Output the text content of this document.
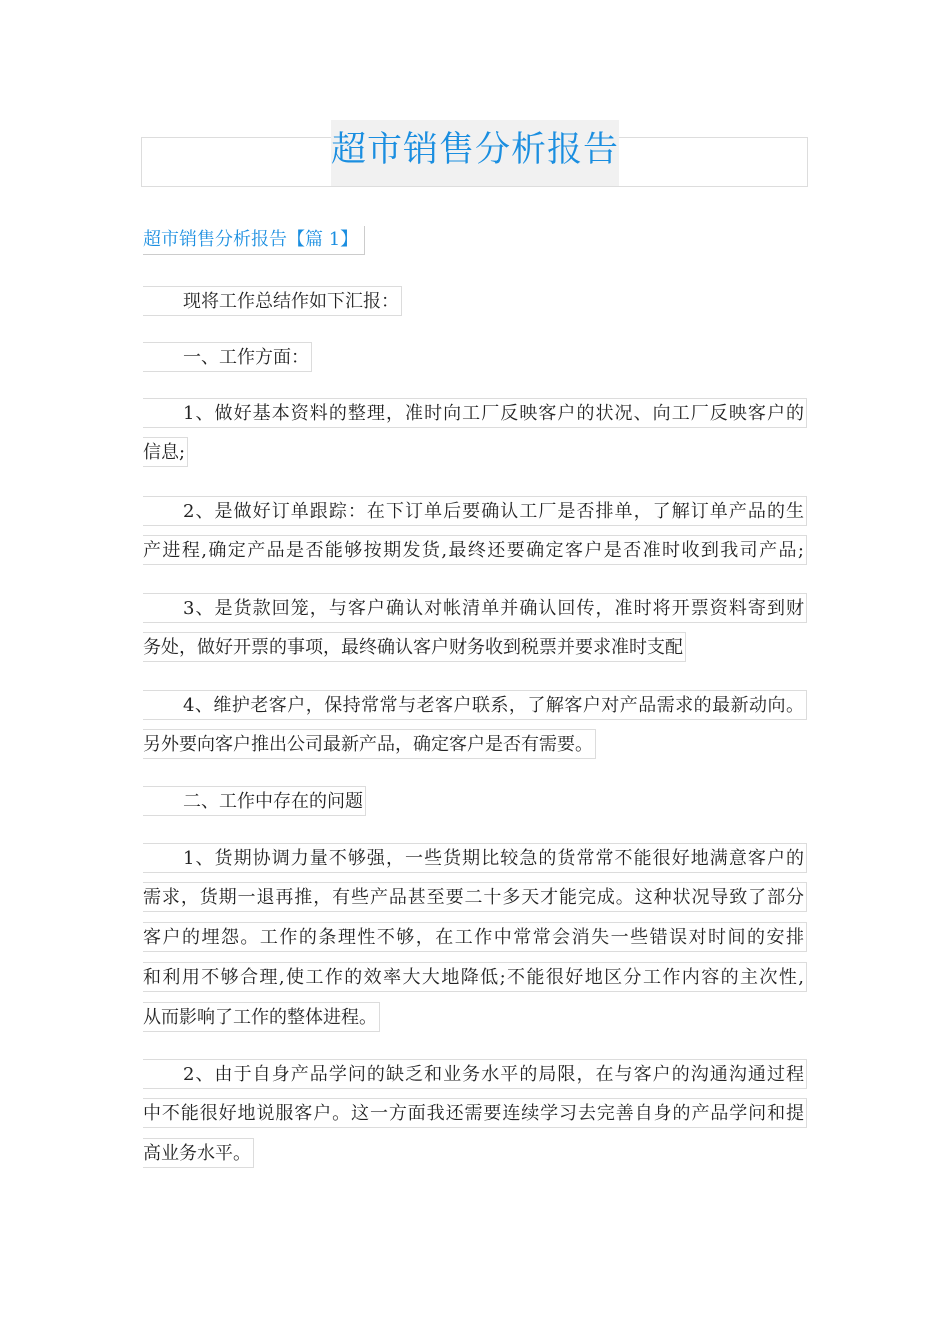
超市销售分析报告
超市销售分析报告【篇 1】
现将工作总结作如下汇报：
一、工作方面：
1、做好基本资料的整理，准时向工厂反映客户的状况、向工厂反映客户的
信息;
2、是做好订单跟踪：在下订单后要确认工厂是否排单，了解订单产品的生
产进程,确定产品是否能够按期发货,最终还要确定客户是否准时收到我司产品;
3、是货款回笼，与客户确认对帐清单并确认回传，准时将开票资料寄到财
务处，做好开票的事项，最终确认客户财务收到税票并要求准时支配
4、维护老客户，保持常常与老客户联系，了解客户对产品需求的最新动向。
另外要向客户推出公司最新产品，确定客户是否有需要。
二、工作中存在的问题
1、货期协调力量不够强，一些货期比较急的货常常不能很好地满意客户的
需求，货期一退再推，有些产品甚至要二十多天才能完成。这种状况导致了部分
客户的埋怨。工作的条理性不够，在工作中常常会消失一些错误对时间的安排
和利用不够合理,使工作的效率大大地降低;不能很好地区分工作内容的主次性,
从而影响了工作的整体进程。
2、由于自身产品学问的缺乏和业务水平的局限，在与客户的沟通沟通过程
中不能很好地说服客户。这一方面我还需要连续学习去完善自身的产品学问和提
高业务水平。
